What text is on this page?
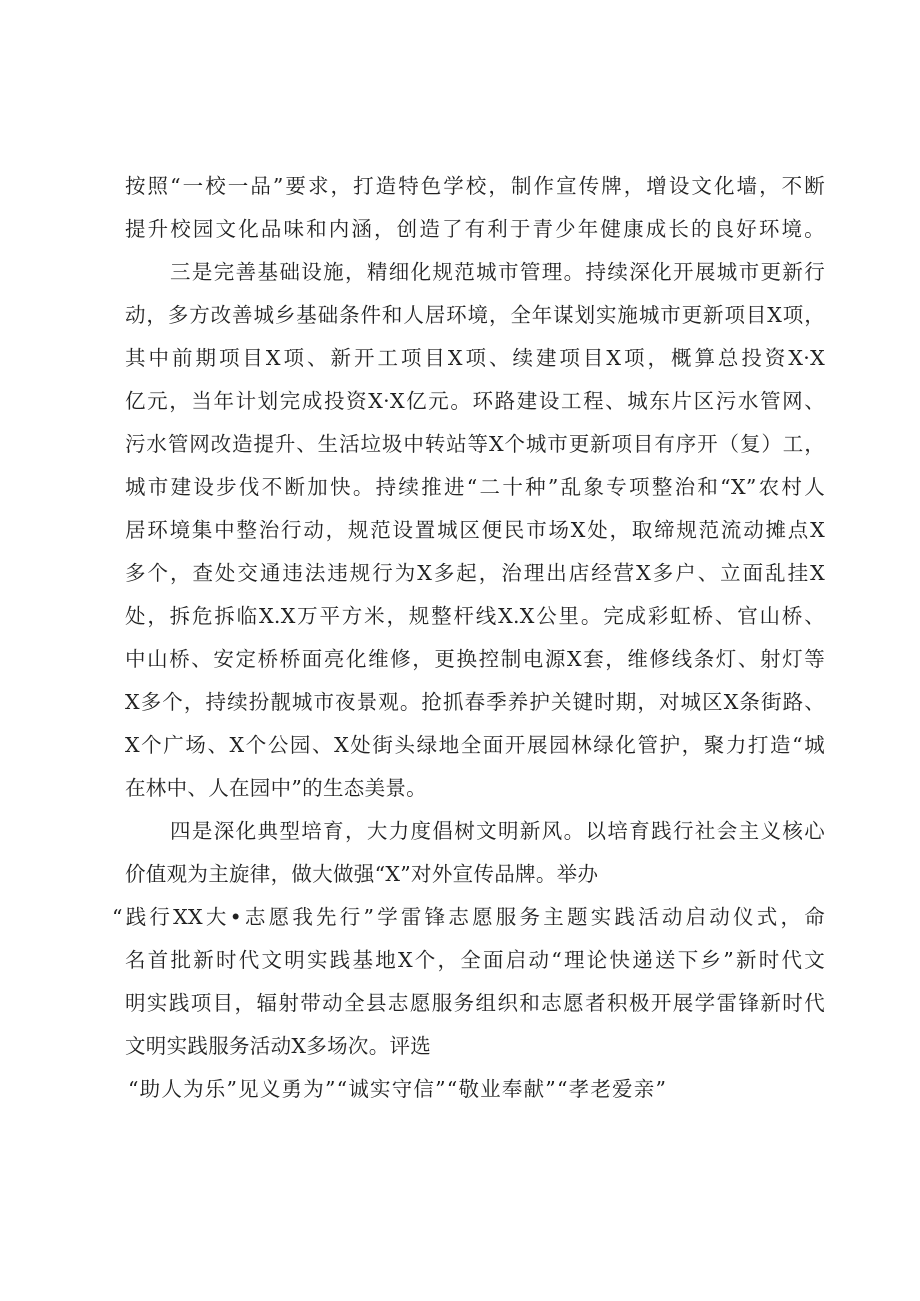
按照“一校一品”要求，打造特色学校，制作宣传牌，增设文化墙，不断

提升校园文化品味和内涵，创造了有利于青少年健康成长的良好环境。

三是完善基础设施，精细化规范城市管理。持续深化开展城市更新行

动，多方改善城乡基础条件和人居环境，全年谋划实施城市更新项目X项，

其中前期项目X项、新开工项目X项、续建项目X项，概算总投资X·X

亿元，当年计划完成投资X·X亿元。环路建设工程、城东片区污水管网、

污水管网改造提升、生活垃圾中转站等X个城市更新项目有序开（复）工，

城市建设步伐不断加快。持续推进“二十种”乱象专项整治和“X”农村人

居环境集中整治行动，规范设置城区便民市场X处，取缔规范流动摊点X

多个，查处交通违法违规行为X多起，治理出店经营X多户、立面乱挂X

处，拆危拆临X.X万平方米，规整杆线X.X公里。完成彩虹桥、官山桥、

中山桥、安定桥桥面亮化维修，更换控制电源X套，维修线条灯、射灯等

X多个，持续扮靓城市夜景观。抢抓春季养护关键时期，对城区X条街路、

X个广场、X个公园、X处街头绿地全面开展园林绿化管护，聚力打造“城

在林中、人在园中”的生态美景。

四是深化典型培育，大力度倡树文明新风。以培育践行社会主义核心

价值观为主旋律，做大做强“X”对外宣传品牌。举办

“践行XX大•志愿我先行”学雷锋志愿服务主题实践活动启动仪式，命

名首批新时代文明实践基地X个，全面启动“理论快递送下乡”新时代文

明实践项目，辐射带动全县志愿服务组织和志愿者积极开展学雷锋新时代

文明实践服务活动X多场次。评选

“助人为乐”见义勇为”“诚实守信”“敬业奉献”“孝老爱亲”
